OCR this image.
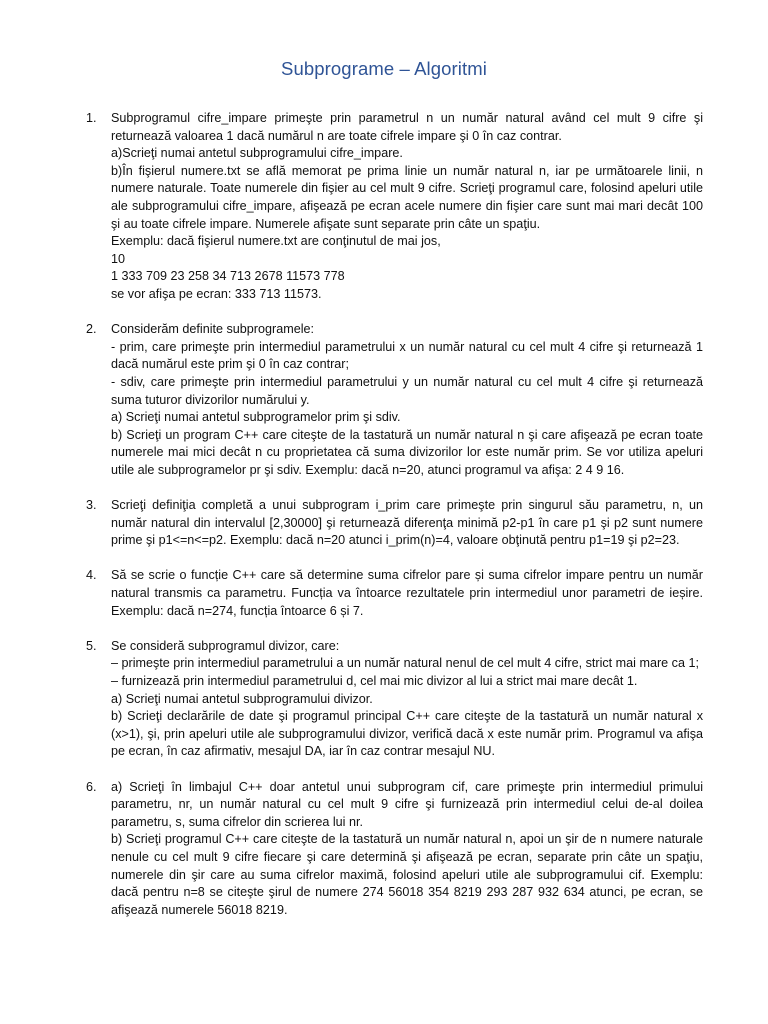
Subprograme – Algoritmi
1. Subprogramul cifre_impare primeşte prin parametrul n un număr natural având cel mult 9 cifre şi returnează valoarea 1 dacă numărul n are toate cifrele impare şi 0 în caz contrar.
a)Scrieţi numai antetul subprogramului cifre_impare.
b)În fişierul numere.txt se află memorat pe prima linie un număr natural n, iar pe următoarele linii, n numere naturale. Toate numerele din fişier au cel mult 9 cifre. Scrieţi programul care, folosind apeluri utile ale subprogramului cifre_impare, afişează pe ecran acele numere din fişier care sunt mai mari decât 100 şi au toate cifrele impare. Numerele afişate sunt separate prin câte un spaţiu.
Exemplu: dacă fişierul numere.txt are conţinutul de mai jos,
10
1 333 709 23 258 34 713 2678 11573 778
se vor afişa pe ecran: 333 713 11573.
2. Considerăm definite subprogramele:
- prim, care primeşte prin intermediul parametrului x un număr natural cu cel mult 4 cifre şi returnează 1 dacă numărul este prim şi 0 în caz contrar;
- sdiv, care primeşte prin intermediul parametrului y un număr natural cu cel mult 4 cifre şi returnează suma tuturor divizorilor numărului y.
a) Scrieţi numai antetul subprogramelor prim şi sdiv.
b) Scrieţi un program C++ care citeşte de la tastatură un număr natural n şi care afişează pe ecran toate numerele mai mici decât n cu proprietatea că suma divizorilor lor este număr prim. Se vor utiliza apeluri utile ale subprogramelor pr şi sdiv. Exemplu: dacă n=20, atunci programul va afişa: 2 4 9 16.
3. Scrieţi definiţia completă a unui subprogram i_prim care primeşte prin singurul său parametru, n, un număr natural din intervalul [2,30000] şi returnează diferenţa minimă p2-p1 în care p1 şi p2 sunt numere prime şi p1<=n<=p2. Exemplu: dacă n=20 atunci i_prim(n)=4, valoare obţinută pentru p1=19 şi p2=23.
4. Să se scrie o funcție C++ care să determine suma cifrelor pare și suma cifrelor impare pentru un număr natural transmis ca parametru. Funcția va întoarce rezultatele prin intermediul unor parametri de ieșire. Exemplu: dacă n=274, funcția întoarce 6 și 7.
5. Se consideră subprogramul divizor, care:
– primeşte prin intermediul parametrului a un număr natural nenul de cel mult 4 cifre, strict mai mare ca 1;
– furnizează prin intermediul parametrului d, cel mai mic divizor al lui a strict mai mare decât 1.
a) Scrieţi numai antetul subprogramului divizor.
b) Scrieţi declarările de date şi programul principal C++ care citeşte de la tastatură un număr natural x (x>1), şi, prin apeluri utile ale subprogramului divizor, verifică dacă x este număr prim. Programul va afişa pe ecran, în caz afirmativ, mesajul DA, iar în caz contrar mesajul NU.
6. a) Scrieţi în limbajul C++ doar antetul unui subprogram cif, care primeşte prin intermediul primului parametru, nr, un număr natural cu cel mult 9 cifre şi furnizează prin intermediul celui de-al doilea parametru, s, suma cifrelor din scrierea lui nr.
b) Scrieţi programul C++ care citeşte de la tastatură un număr natural n, apoi un şir de n numere naturale nenule cu cel mult 9 cifre fiecare şi care determină şi afişează pe ecran, separate prin câte un spaţiu, numerele din şir care au suma cifrelor maximă, folosind apeluri utile ale subprogramului cif. Exemplu: dacă pentru n=8 se citeşte şirul de numere 274 56018 354 8219 293 287 932 634 atunci, pe ecran, se afişează numerele 56018 8219.
